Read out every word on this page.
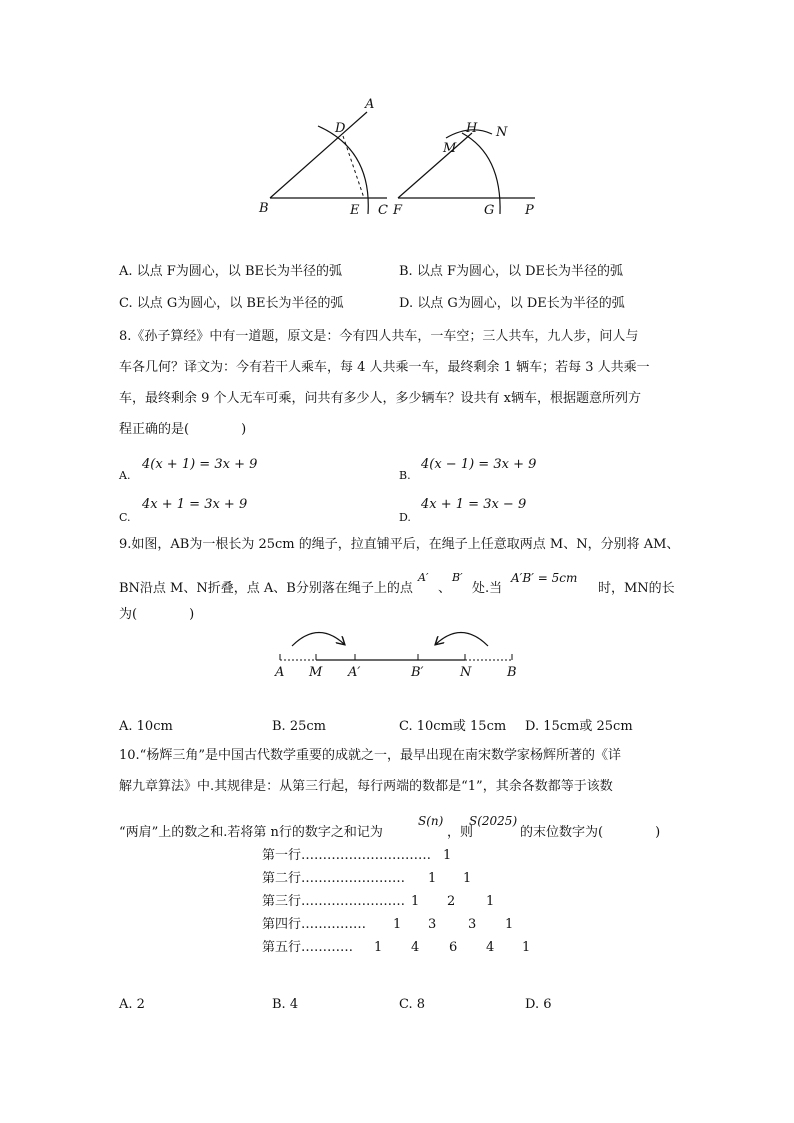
A
D
B	E C
H N
M
F	G P
A. 以点 F为圆心，以 BE长为半径的弧	B. 以点 F为圆心，以 DE长为半径的弧
C. 以点 G为圆心，以 BE长为半径的弧	D. 以点 G为圆心，以 DE长为半径的弧
8.《孙子算经》中有一道题，原文是：今有四人共车，一车空；三人共车，九人步，问人与
车各几何？译文为：今有若干人乘车，每 4 人共乘一车，最终剩余 1 辆车；若每 3 人共乘一
车，最终剩余 9 个人无车可乘，问共有多少人，多少辆车？设共有 x辆车，根据题意所列方
程正确的是(　　　　)
A.
4(x + 1) = 3x + 9
B.
4(x − 1) = 3x + 9
C.
4x + 1 = 3x + 9
D.
4x + 1 = 3x − 9
9.如图，AB为一根长为 25cm 的绳子，拉直铺平后，在绳子上任意取两点 M、N，分别将 AM、
BN沿点 M、N折叠，点 A、B分别落在绳子上的点
A′
、
B′
处.当
A′B′ = 5cm
时，MN的长
为(　　　　)
A M A′	B′	N	B
A. 10cm	B. 25cm	C. 10cm或 15cm D. 15cm或 25cm
10.“杨辉三角”是中国古代数学重要的成就之一，最早出现在南宋数学家杨辉所著的《详
解九章算法》中.其规律是：从第三行起，每行两端的数都是“1”，其余各数都等于该数
“两肩”上的数之和.若将第 n行的数字之和记为
S(n)
，则
S(2025)
的末位数字为(　　　　)
第一行………………………… 1
第二行…………………… 1 1
第三行…………………… 1 2 1
第四行…………… 1 3 3 1
第五行………… 1 4 6 4 1
A. 2	B. 4	C. 8	D. 6
